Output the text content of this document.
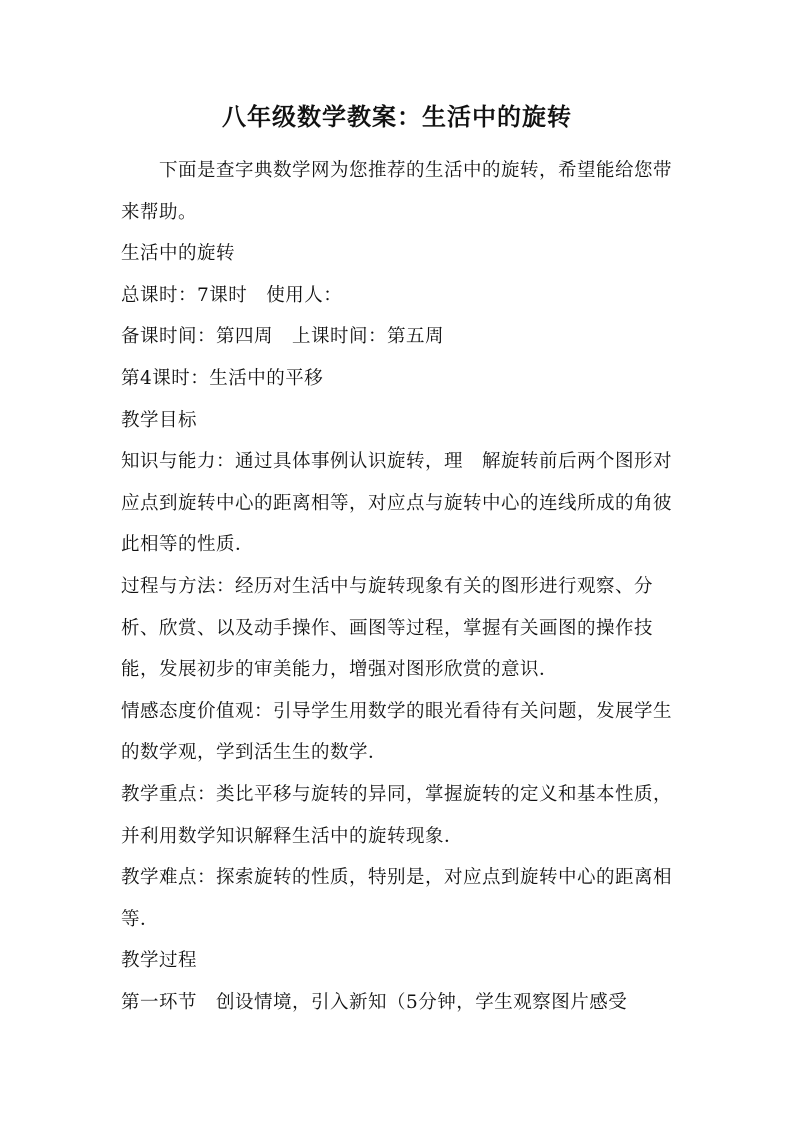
八年级数学教案：生活中的旋转

下面是查字典数学网为您推荐的生活中的旋转，希望能给您带来帮助。

生活中的旋转

总课时：7课时　使用人：

备课时间：第四周　上课时间：第五周

第4课时：生活中的平移

教学目标

知识与能力：通过具体事例认识旋转，理　解旋转前后两个图形对应点到旋转中心的距离相等，对应点与旋转中心的连线所成的角彼此相等的性质．

过程与方法：经历对生活中与旋转现象有关的图形进行观察、分析、欣赏、以及动手操作、画图等过程，掌握有关画图的操作技能，发展初步的审美能力，增强对图形欣赏的意识．

情感态度价值观：引导学生用数学的眼光看待有关问题，发展学生的数学观，学到活生生的数学．

教学重点：类比平移与旋转的异同，掌握旋转的定义和基本性质，并利用数学知识解释生活中的旋转现象．

教学难点：探索旋转的性质，特别是，对应点到旋转中心的距离相等．

教学过程

第一环节　创设情境，引入新知（5分钟，学生观察图片感受
